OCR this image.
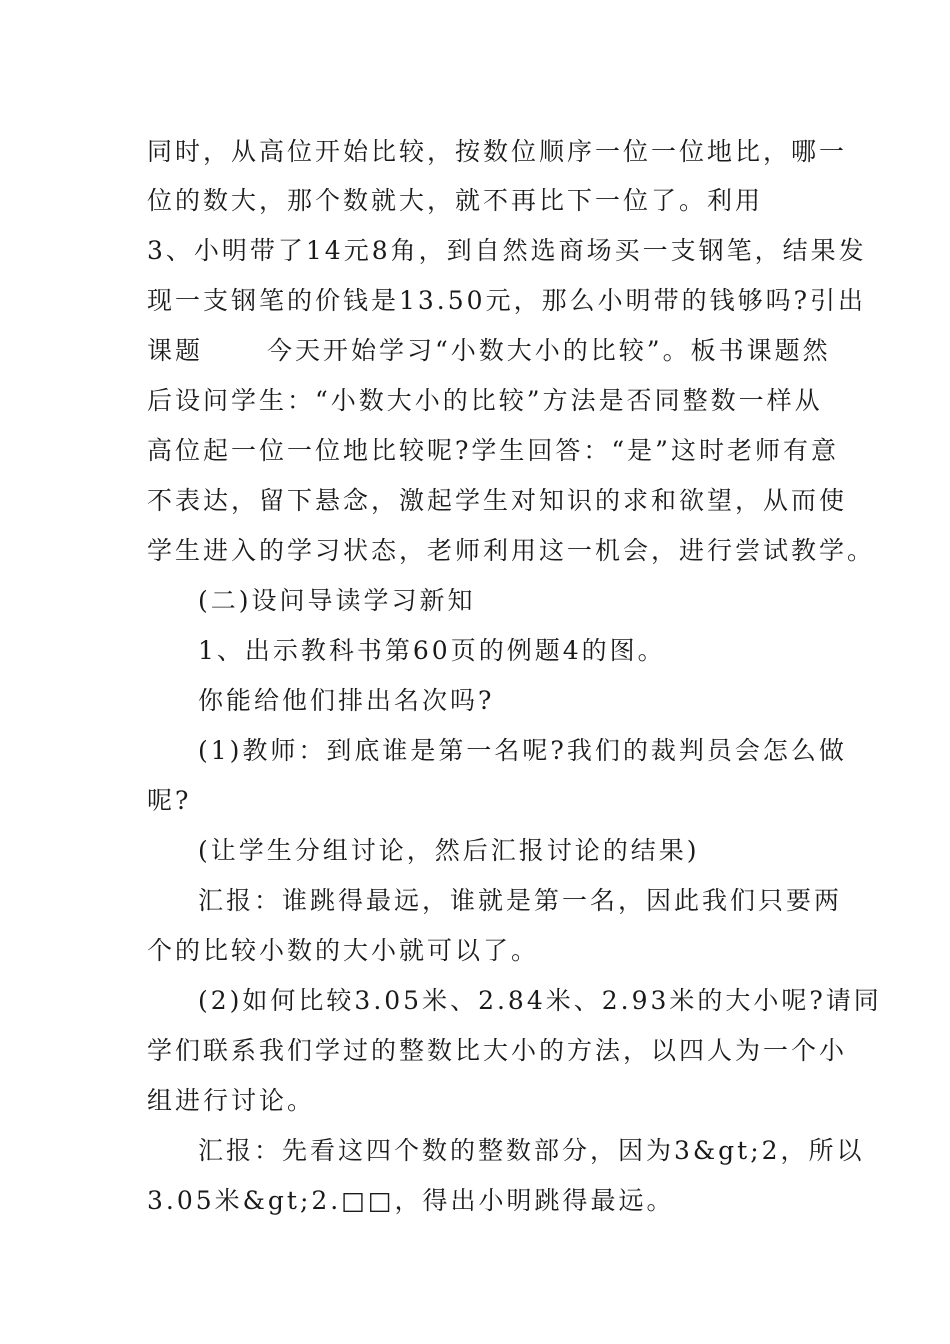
同时，从高位开始比较，按数位顺序一位一位地比，哪一

位的数大，那个数就大，就不再比下一位了。利用

3、小明带了14元8角，到自然选商场买一支钢笔，结果发

现一支钢笔的价钱是13.50元，那么小明带的钱够吗?引出

课题	今天开始学习“小数大小的比较”。板书课题然

后设问学生：“小数大小的比较”方法是否同整数一样从

高位起一位一位地比较呢?学生回答：“是”这时老师有意

不表达，留下悬念，激起学生对知识的求和欲望，从而使

学生进入的学习状态，老师利用这一机会，进行尝试教学。

(二)设问导读学习新知

1、出示教科书第60页的例题4的图。

你能给他们排出名次吗?

(1)教师：到底谁是第一名呢?我们的裁判员会怎么做

呢?

(让学生分组讨论，然后汇报讨论的结果)

汇报：谁跳得最远，谁就是第一名，因此我们只要两

个的比较小数的大小就可以了。

(2)如何比较3.05米、2.84米、2.93米的大小呢?请同

学们联系我们学过的整数比大小的方法，以四人为一个小

组进行讨论。

汇报：先看这四个数的整数部分，因为3&gt;2，所以

3.05米&gt;2.□□，得出小明跳得最远。
